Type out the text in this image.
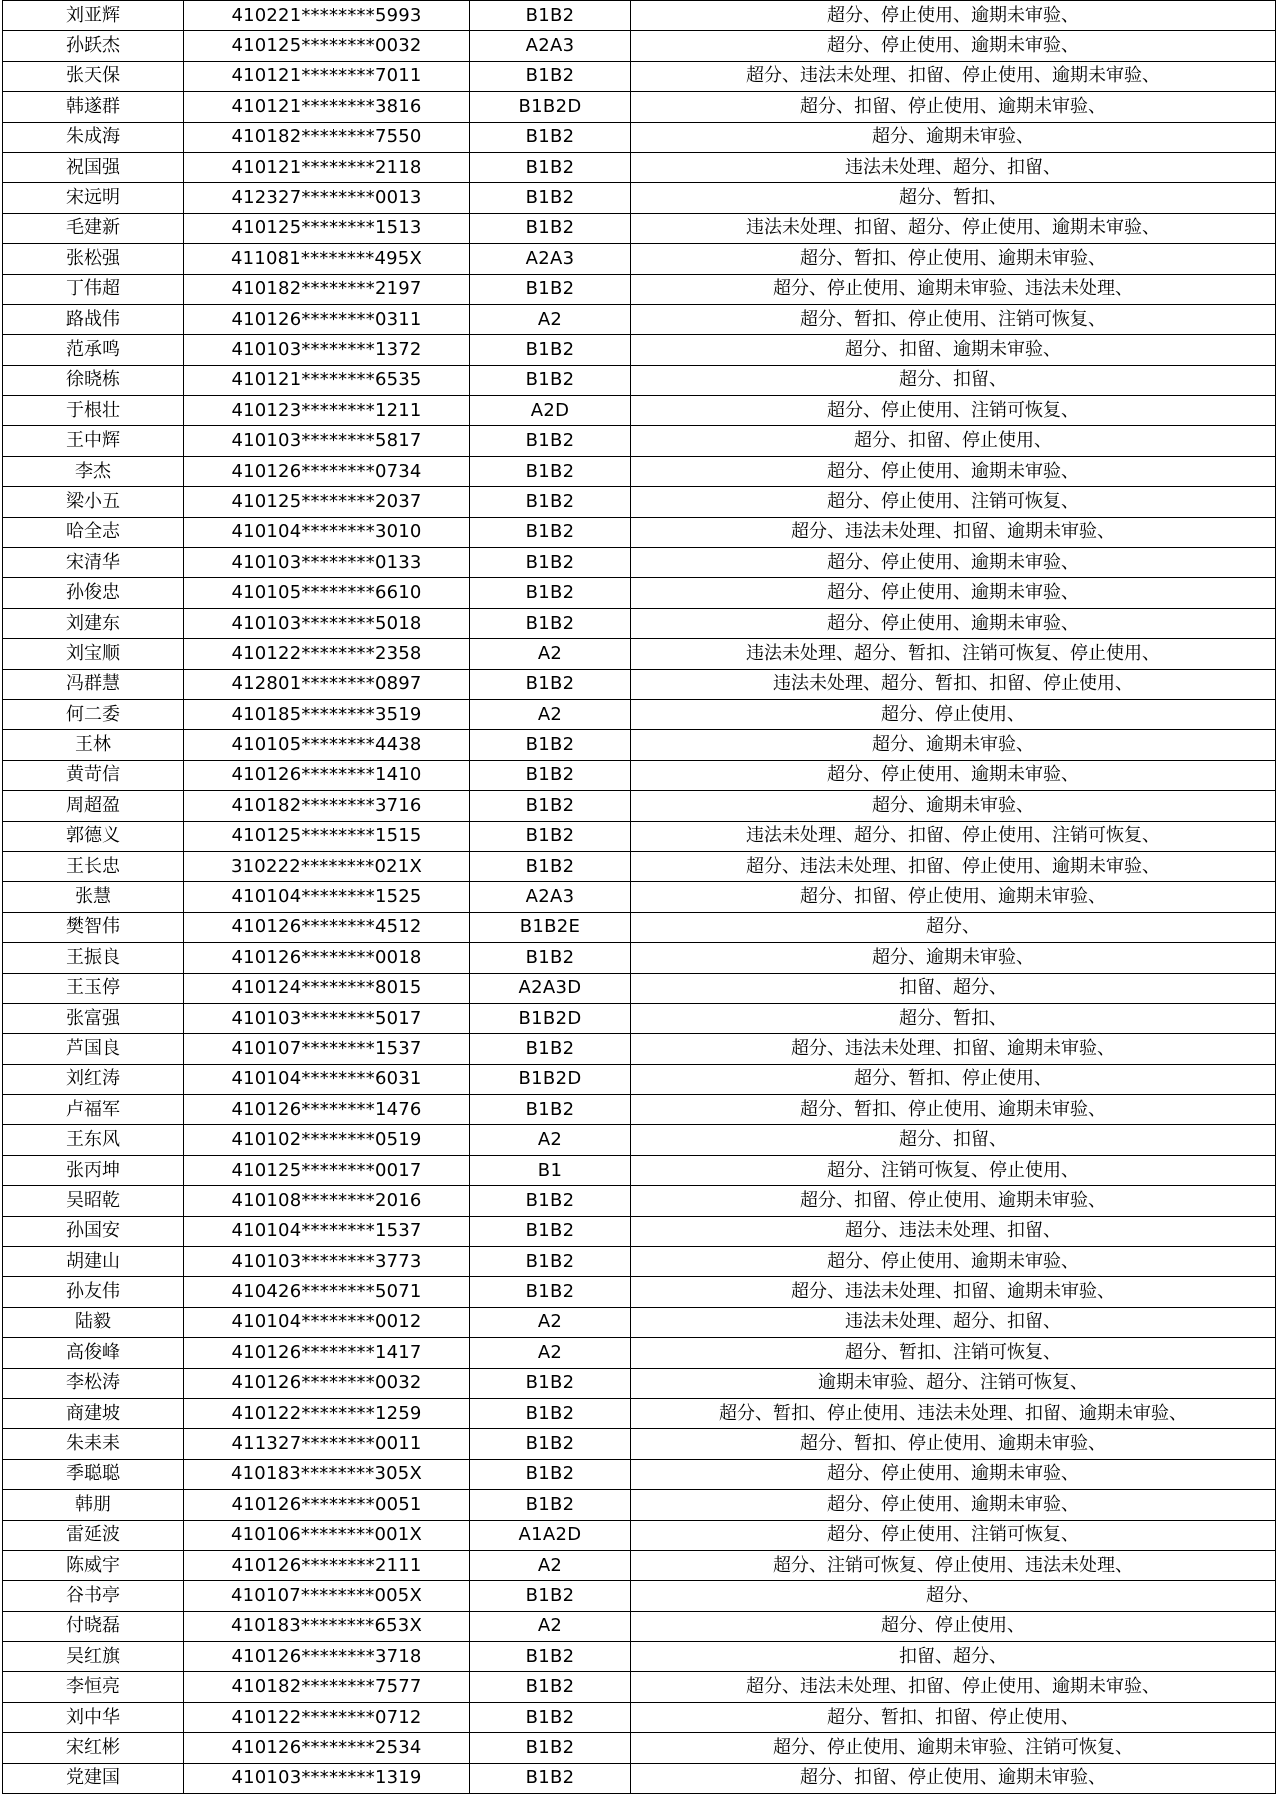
刘亚辉	410221********5993	B1B2	超分、停止使用、逾期未审验、
孙跃杰	410125********0032	A2A3	超分、停止使用、逾期未审验、
张天保	410121********7011	B1B2	超分、违法未处理、扣留、停止使用、逾期未审验、
韩遂群	410121********3816	B1B2D	超分、扣留、停止使用、逾期未审验、
朱成海	410182********7550	B1B2	超分、逾期未审验、
祝国强	410121********2118	B1B2	违法未处理、超分、扣留、
宋远明	412327********0013	B1B2	超分、暂扣、
毛建新	410125********1513	B1B2	违法未处理、扣留、超分、停止使用、逾期未审验、
张松强	411081********495X	A2A3	超分、暂扣、停止使用、逾期未审验、
丁伟超	410182********2197	B1B2	超分、停止使用、逾期未审验、违法未处理、
路战伟	410126********0311	A2	超分、暂扣、停止使用、注销可恢复、
范承鸣	410103********1372	B1B2	超分、扣留、逾期未审验、
徐晓栋	410121********6535	B1B2	超分、扣留、
于根壮	410123********1211	A2D	超分、停止使用、注销可恢复、
王中辉	410103********5817	B1B2	超分、扣留、停止使用、
李杰	410126********0734	B1B2	超分、停止使用、逾期未审验、
梁小五	410125********2037	B1B2	超分、停止使用、注销可恢复、
哈全志	410104********3010	B1B2	超分、违法未处理、扣留、逾期未审验、
宋清华	410103********0133	B1B2	超分、停止使用、逾期未审验、
孙俊忠	410105********6610	B1B2	超分、停止使用、逾期未审验、
刘建东	410103********5018	B1B2	超分、停止使用、逾期未审验、
刘宝顺	410122********2358	A2	违法未处理、超分、暂扣、注销可恢复、停止使用、
冯群慧	412801********0897	B1B2	违法未处理、超分、暂扣、扣留、停止使用、
何二委	410185********3519	A2	超分、停止使用、
王林	410105********4438	B1B2	超分、逾期未审验、
黄苛信	410126********1410	B1B2	超分、停止使用、逾期未审验、
周超盈	410182********3716	B1B2	超分、逾期未审验、
郭德义	410125********1515	B1B2	违法未处理、超分、扣留、停止使用、注销可恢复、
王长忠	310222********021X	B1B2	超分、违法未处理、扣留、停止使用、逾期未审验、
张慧	410104********1525	A2A3	超分、扣留、停止使用、逾期未审验、
樊智伟	410126********4512	B1B2E	超分、
王振良	410126********0018	B1B2	超分、逾期未审验、
王玉停	410124********8015	A2A3D	扣留、超分、
张富强	410103********5017	B1B2D	超分、暂扣、
芦国良	410107********1537	B1B2	超分、违法未处理、扣留、逾期未审验、
刘红涛	410104********6031	B1B2D	超分、暂扣、停止使用、
卢福军	410126********1476	B1B2	超分、暂扣、停止使用、逾期未审验、
王东风	410102********0519	A2	超分、扣留、
张丙坤	410125********0017	B1	超分、注销可恢复、停止使用、
吴昭乾	410108********2016	B1B2	超分、扣留、停止使用、逾期未审验、
孙国安	410104********1537	B1B2	超分、违法未处理、扣留、
胡建山	410103********3773	B1B2	超分、停止使用、逾期未审验、
孙友伟	410426********5071	B1B2	超分、违法未处理、扣留、逾期未审验、
陆毅	410104********0012	A2	违法未处理、超分、扣留、
高俊峰	410126********1417	A2	超分、暂扣、注销可恢复、
李松涛	410126********0032	B1B2	逾期未审验、超分、注销可恢复、
商建坡	410122********1259	B1B2	超分、暂扣、停止使用、违法未处理、扣留、逾期未审验、
朱耒耒	411327********0011	B1B2	超分、暂扣、停止使用、逾期未审验、
季聪聪	410183********305X	B1B2	超分、停止使用、逾期未审验、
韩朋	410126********0051	B1B2	超分、停止使用、逾期未审验、
雷延波	410106********001X	A1A2D	超分、停止使用、注销可恢复、
陈威宇	410126********2111	A2	超分、注销可恢复、停止使用、违法未处理、
谷书亭	410107********005X	B1B2	超分、
付晓磊	410183********653X	A2	超分、停止使用、
吴红旗	410126********3718	B1B2	扣留、超分、
李恒亮	410182********7577	B1B2	超分、违法未处理、扣留、停止使用、逾期未审验、
刘中华	410122********0712	B1B2	超分、暂扣、扣留、停止使用、
宋红彬	410126********2534	B1B2	超分、停止使用、逾期未审验、注销可恢复、
党建国	410103********1319	B1B2	超分、扣留、停止使用、逾期未审验、
